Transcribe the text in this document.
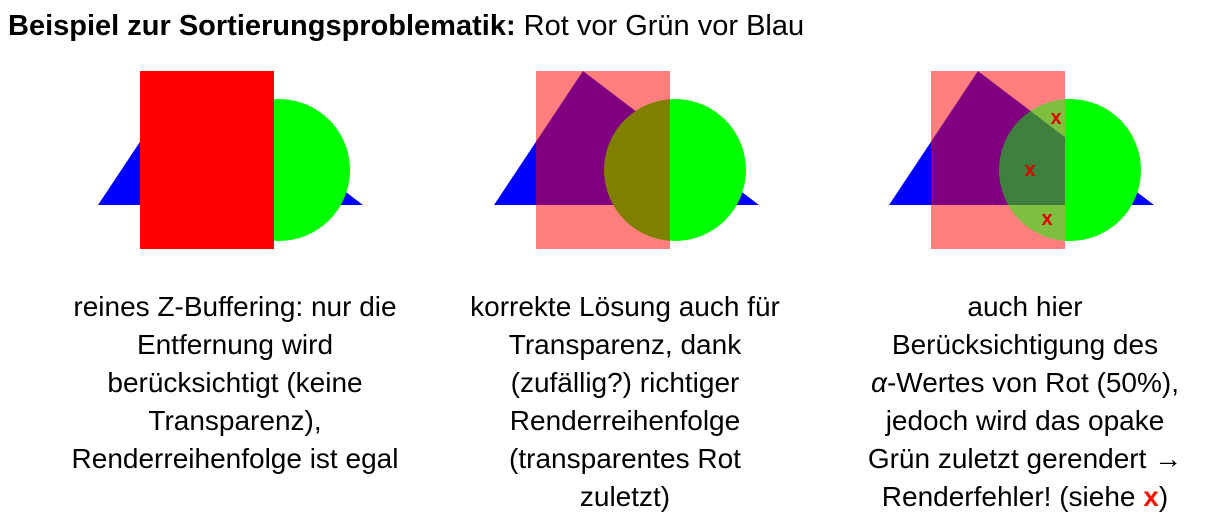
Beispiel zur Sortierungsproblematik: Rot vor Grün vor Blau
x
x
x
reines Z-Buffering: nur die
Entfernung wird
berücksichtigt (keine
Transparenz),
Renderreihenfolge ist egal
korrekte Lösung auch für
Transparenz, dank
(zufällig?) richtiger
Renderreihenfolge
(transparentes Rot
zuletzt)
auch hier
Berücksichtigung des
α-Wertes von Rot (50%),
jedoch wird das opake
Grün zuletzt gerendert →
Renderfehler! (siehe x)
